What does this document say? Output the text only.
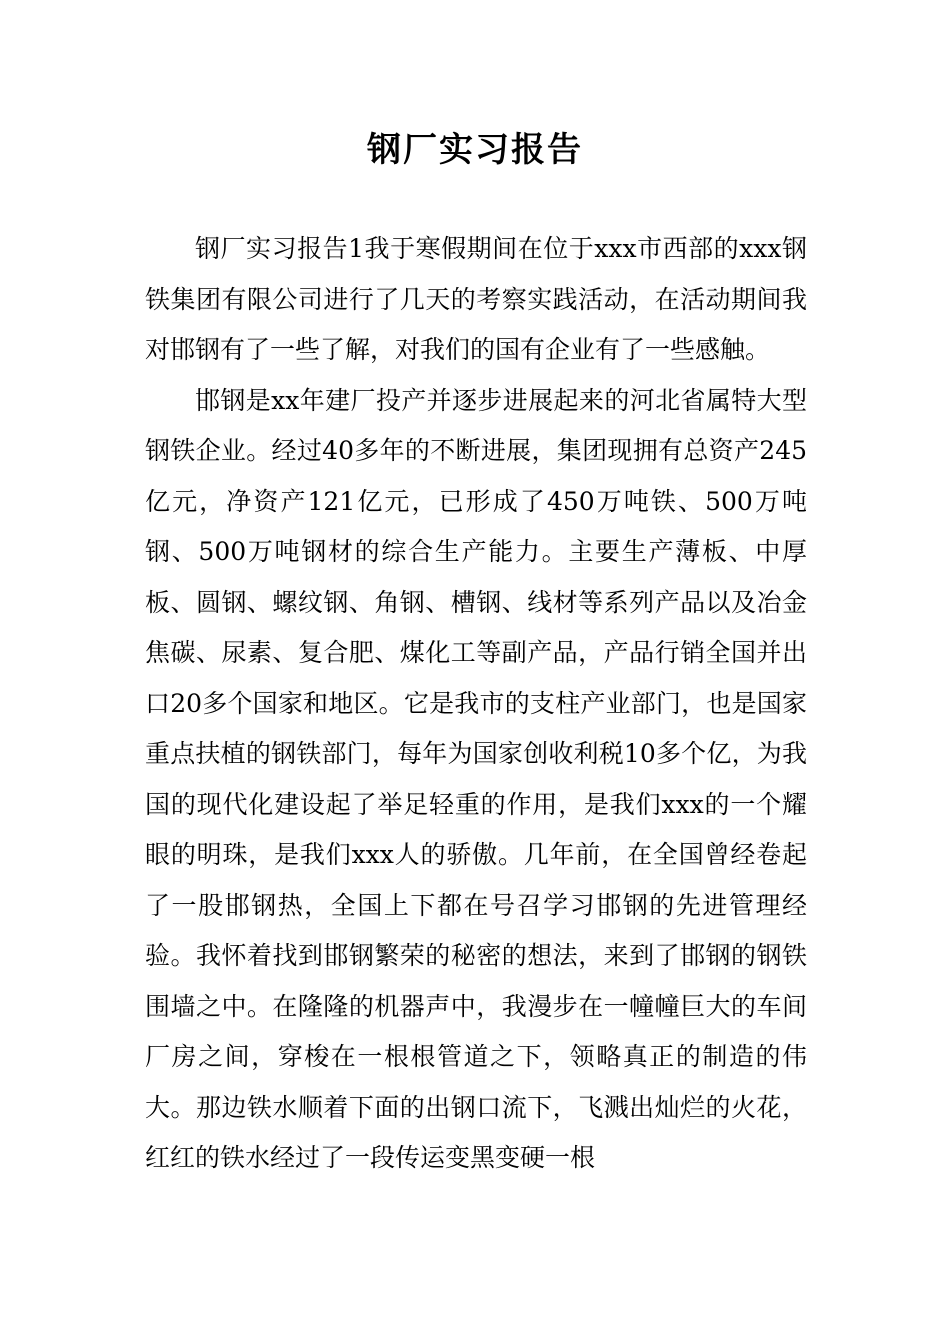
钢厂实习报告

钢厂实习报告1我于寒假期间在位于xxx市西部的xxx钢铁集团有限公司进行了几天的考察实践活动，在活动期间我对邯钢有了一些了解，对我们的国有企业有了一些感触。

邯钢是xx年建厂投产并逐步进展起来的河北省属特大型钢铁企业。经过40多年的不断进展，集团现拥有总资产245亿元，净资产121亿元，已形成了450万吨铁、500万吨钢、500万吨钢材的综合生产能力。主要生产薄板、中厚板、圆钢、螺纹钢、角钢、槽钢、线材等系列产品以及冶金焦碳、尿素、复合肥、煤化工等副产品，产品行销全国并出口20多个国家和地区。它是我市的支柱产业部门，也是国家重点扶植的钢铁部门，每年为国家创收利税10多个亿，为我国的现代化建设起了举足轻重的作用，是我们xxx的一个耀眼的明珠，是我们xxx人的骄傲。几年前，在全国曾经卷起了一股邯钢热，全国上下都在号召学习邯钢的先进管理经验。我怀着找到邯钢繁荣的秘密的想法，来到了邯钢的钢铁围墙之中。在隆隆的机器声中，我漫步在一幢幢巨大的车间厂房之间，穿梭在一根根管道之下，领略真正的制造的伟大。那边铁水顺着下面的出钢口流下，飞溅出灿烂的火花，红红的铁水经过了一段传运变黑变硬一根
